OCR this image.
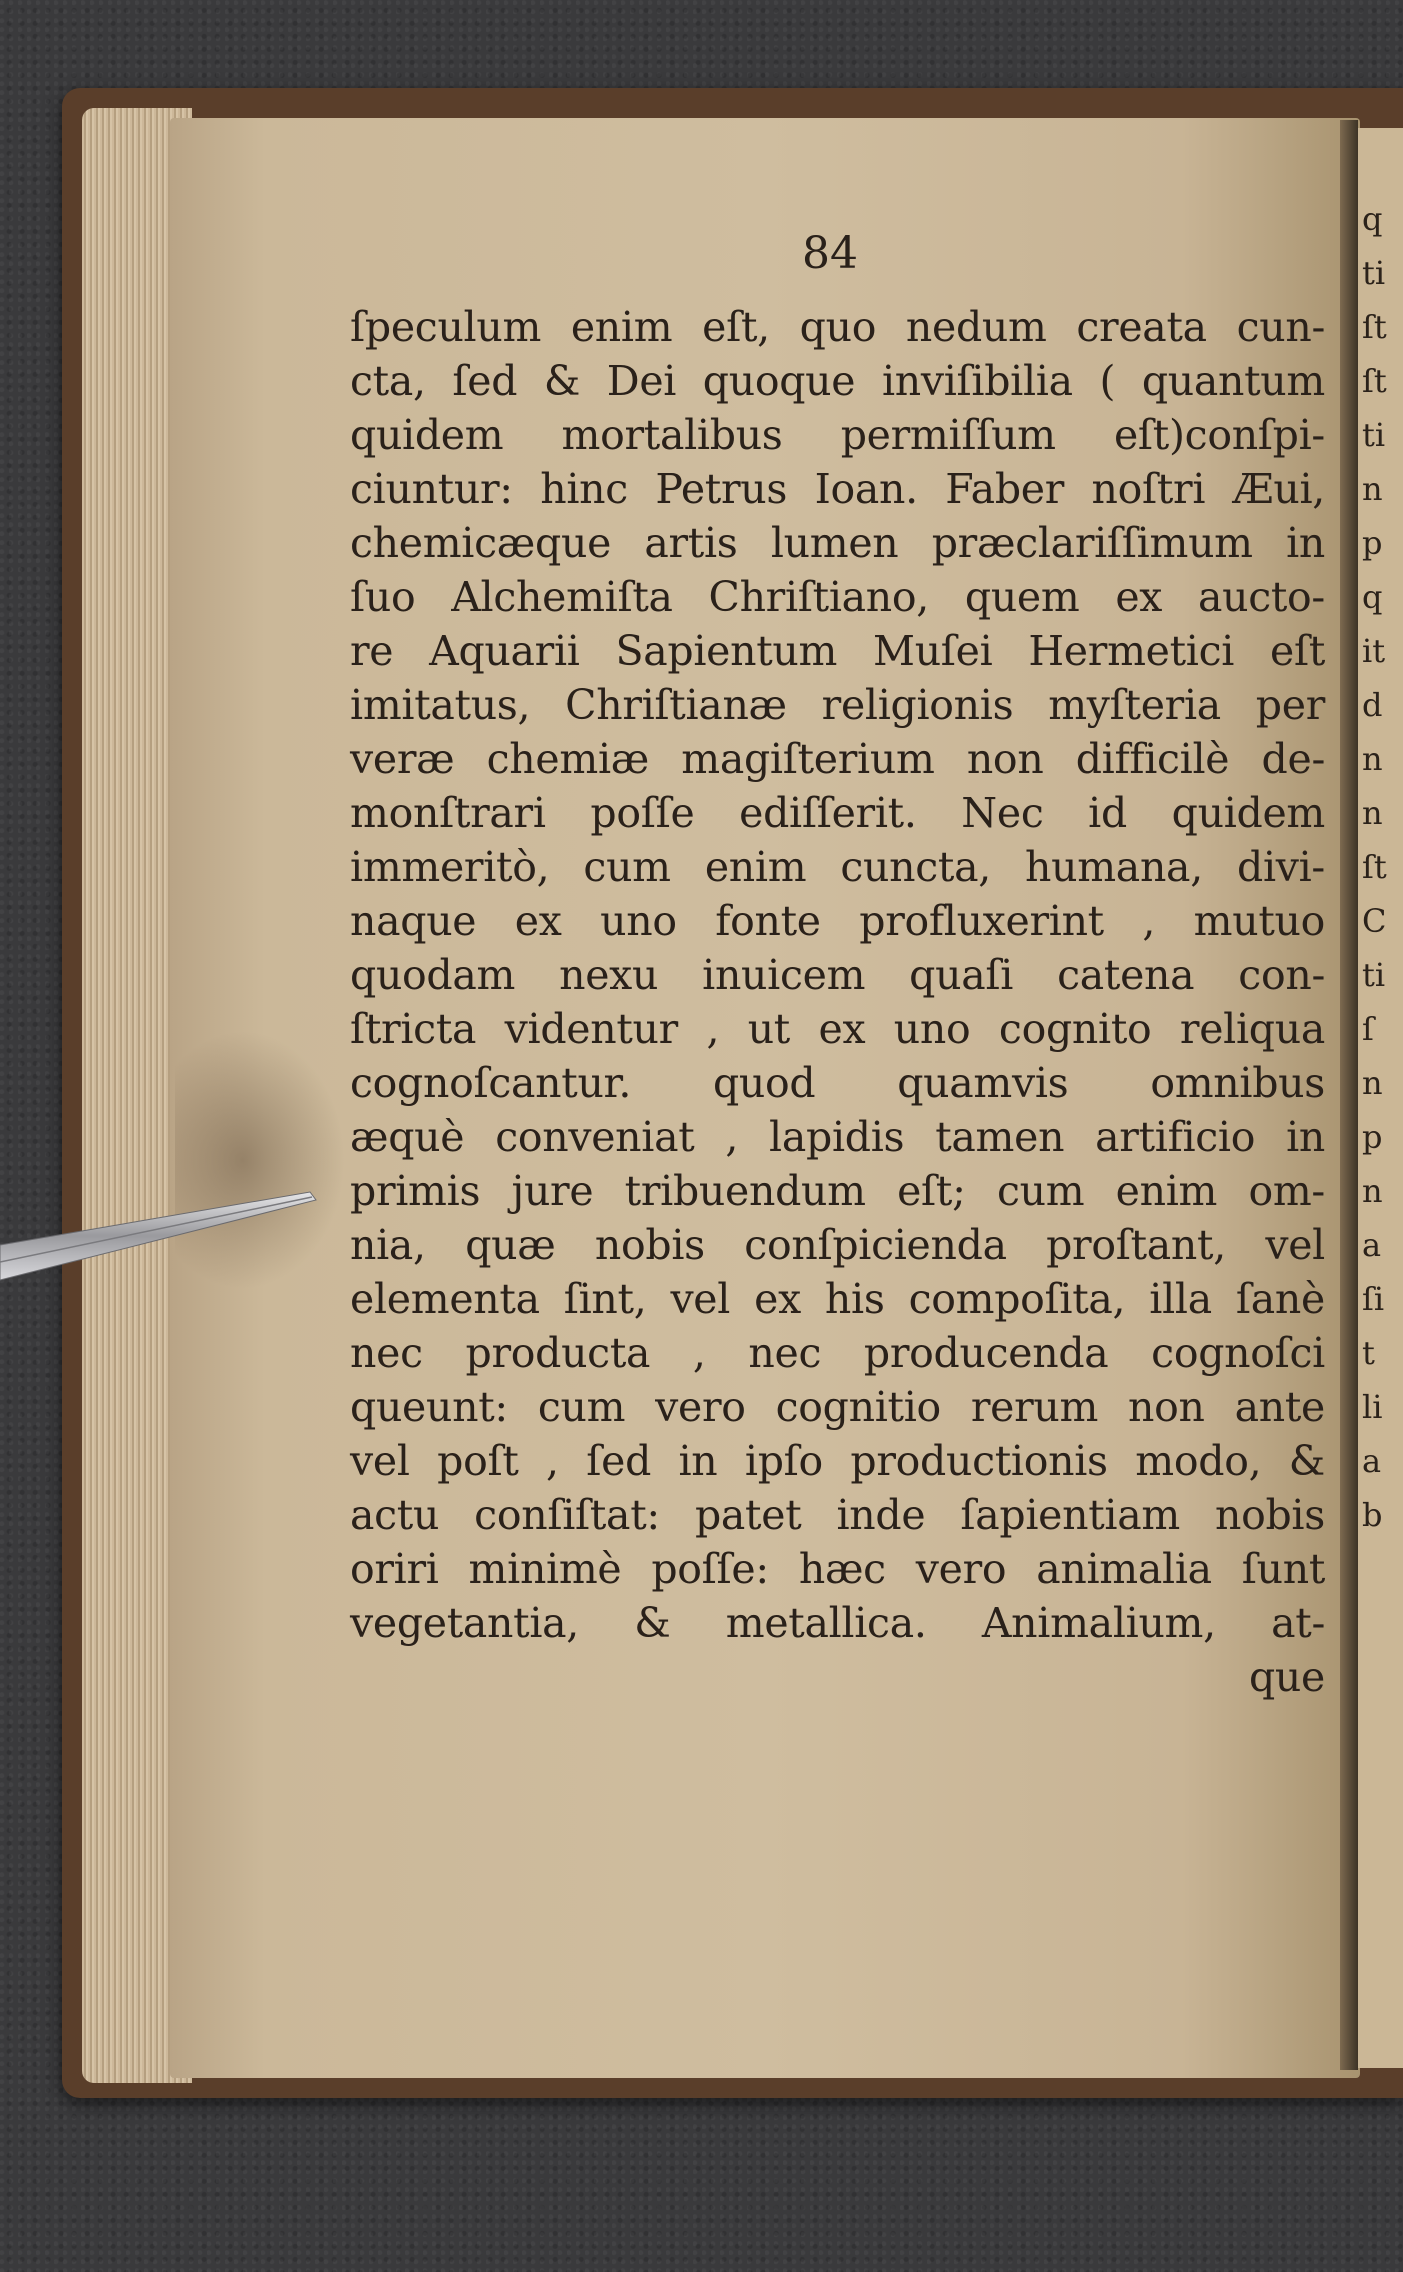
q
ti
ſt
ſt
ti
n
p
q
it
d
n
n
ſt
C
ti
ſ
n
p
n
a
ſi
t
li
a
b
84
ſpeculum enim eſt, quo nedum creata cun-
cta, ſed & Dei quoque inviſibilia ( quantum
quidem mortalibus permiſſum eſt)conſpi-
ciuntur: hinc Petrus Ioan. Faber noſtri Æui,
chemicæque artis lumen præclariſſimum in
ſuo Alchemiſta Chriſtiano, quem ex aucto-
re Aquarii Sapientum Muſei Hermetici eſt
imitatus, Chriſtianæ religionis myſteria per
veræ chemiæ magiſterium non difficilè de-
monſtrari poſſe ediſſerit. Nec id quidem
immeritò, cum enim cuncta, humana, divi-
naque ex uno fonte profluxerint , mutuo
quodam nexu inuicem quaſi catena con-
ſtricta videntur , ut ex uno cognito reliqua
cognoſcantur. quod quamvis omnibus
æquè conveniat , lapidis tamen artificio in
primis jure tribuendum eſt; cum enim om-
nia, quæ nobis conſpicienda proſtant, vel
elementa ſint, vel ex his compoſita, illa ſanè
nec producta , nec producenda cognoſci
queunt: cum vero cognitio rerum non ante
vel poſt , ſed in ipſo productionis modo, &
actu conſiſtat: patet inde ſapientiam nobis
oriri minimè poſſe: hæc vero animalia ſunt
vegetantia, & metallica. Animalium, at-
que
